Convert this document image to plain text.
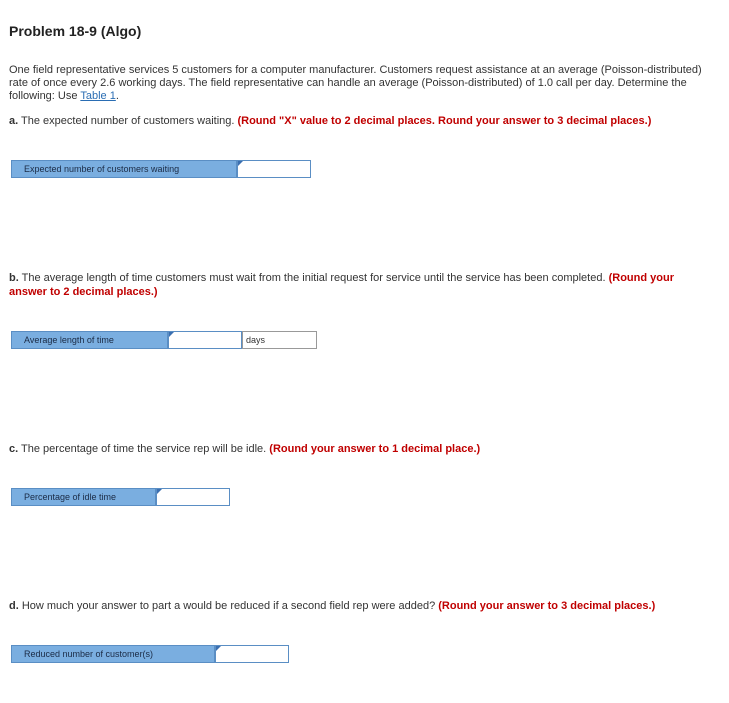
Problem 18-9 (Algo)
One field representative services 5 customers for a computer manufacturer. Customers request assistance at an average (Poisson-distributed) rate of once every 2.6 working days. The field representative can handle an average (Poisson-distributed) of 1.0 call per day. Determine the following: Use Table 1.
a. The expected number of customers waiting. (Round "X" value to 2 decimal places. Round your answer to 3 decimal places.)
Expected number of customers waiting
b. The average length of time customers must wait from the initial request for service until the service has been completed. (Round your answer to 2 decimal places.)
Average length of time	days
c. The percentage of time the service rep will be idle. (Round your answer to 1 decimal place.)
Percentage of idle time
d. How much your answer to part a would be reduced if a second field rep were added? (Round your answer to 3 decimal places.)
Reduced number of customer(s)
